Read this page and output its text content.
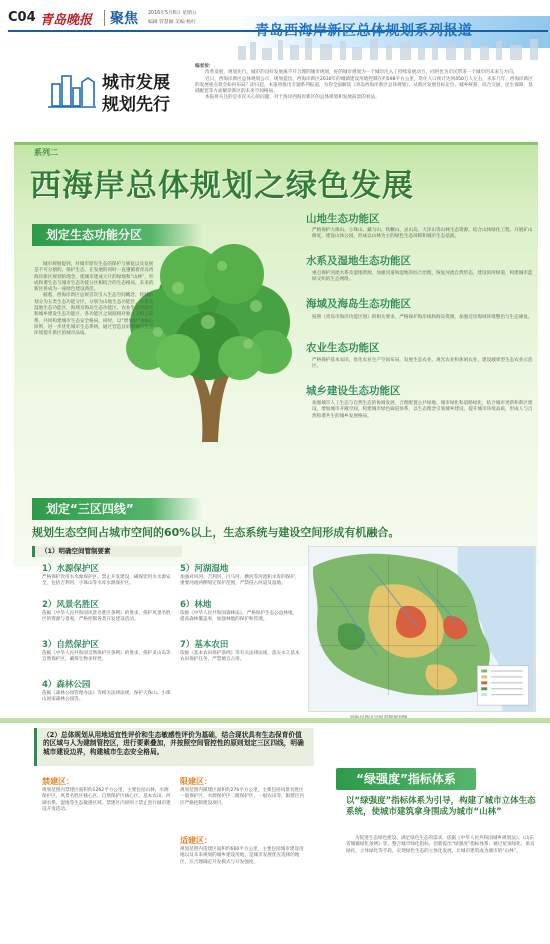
C04 青岛晚报 聚焦 2016年5月6日 星期五
编辑 管慧颖 美编 杨柠
青岛西海岸新区总体规划系列报道
城市发展
规划先行

编者按：

改革发展，规划先行。城市的良好发展离不开合理的城市规划，好的城市规划为一个城市注入了持续发展动力，同时也为市民带来一个城市的未来与方向。

近日，西海岸新区总体规划公示，规划提出，西海岸新区2030年的城镇建设用地控制在约598平方公里，常住人口预计达到450万人左右，未来几年，西海岸新区的发展重点将会如何布局？即日起，本报将推出专题系列报道，为你全面解读《青岛西海岸新区总体规划》，从新区发展目标定位、城乡统筹、综合交通、民生保障、基础配套等方面解读新区的未来空间格局。

本报将关注的是市民关心的问题，对于海岸西海岸新区的总体规划和发展前景的看法。

系列二
西海岸总体规划之绿色发展
划定生态功能分区

城市规划提到，对城市原有生态的保护与修复以及发展是不可分割的。保护生态，在发展的同时一直遵循着青岛西海岸新区规划的理念，使城市建成大片的绿地和“山林”，形成和谐生态与城市生态功能分区相结合的生态格局，未来的新区将成为一座绿色建设典范。

据悉，西海岸新区总规首次引入生态空间概念，将城市划分为五类生态功能分区，分别为山地生态功能区、水系及湿地生态功能区、海域及海岛生态功能区、农业生态功能区和城乡建设生态功能区。各功能区之间既相对独立又相互联系，共同构建城市生态安全格局。同时，以“增加绿”为核心原则，进一步优化城市生态系统，通过营造良好的城市生态环境提升新区的城市品质。

山地生态功能区
严格保护大珠山、小珠山、藏马山、铁橛山、灵山岛、大泽山等山林生态资源，结合山体绿化工程，开展矿山修复，建设山体公园，形成以山林为主的绿色生态屏障和城市生态基底。
水系及湿地生态功能区
重点保护河流水系及湿地资源，加强河道和湿地的综合治理，恢复河流自然形态，建设滨河绿道，构建城市蓝绿交织的生态网络。
海域及海岛生态功能区
按照《青岛市海洋功能区划》的相关要求，严格保护海岸线和海岛资源，加强近岸海域环境整治与生态修复。
农业生态功能区
严格保护基本农田，优化农业生产空间布局，发展生态农业、观光农业和休闲农业，建设城郊型生态农业示范区。
城乡建设生态功能区
加强城市人工生态与自然生态的协调发展，合理配置公共绿地、城市绿化和道路绿化，结合城市更新和新区建设，增加城市开敞空间，构建城市绿色廊道体系，以生态理念引领城乡建设，提升城市环境品质，形成人与自然和谐共生的城乡发展格局。
划定“三区四线”
规划生态空间占城市空间的60%以上，生态系统与建设空间形成有机融合。
（1）明确空间管制要素
1）水源保护区
严格保护饮用水水源保护区，禁止开发建设，确保饮用水水源安全，包括吉利河、小珠山等水库水源保护区。
2）风景名胜区
依据《中华人民共和国风景名胜区条例》的要求，保护风景名胜区的资源与景观，严格控制各类开发建设活动。
3）自然保护区
依据《中华人民共和国自然保护区条例》的要求，保护灵山岛等自然保护区，确保生物多样性。
4）森林公园
依据《森林公园管理办法》等相关法律法规，保护大珠山、小珠山国家森林公园等。
5）河湖湿地
加强对风河、吉利河、白马河、横河等河流和水库的保护，重要河流两侧划定保护范围，严禁侵占河道及湿地。
6）林地
依据《中华人民共和国森林法》，严格保护生态公益林地，提高森林覆盖率，加强林地的保护和管理。
7）基本农田
依据《基本农田保护条例》等有关法律法规，落实永久基本农田保护任务，严禁擅自占用。
（2）总体规划从用地适宜性评价和生态敏感性评价为基础，结合现状具有生态保育价值的区域与人为建制管控区，进行要素叠加，并按照空间管控性的原则划定三区四线，明确城市建设边界，构建城市生态安全格局。
禁建区：
规划范围内禁建区面积约1262平方公里，主要包括山林、水源保护区、风景名胜区核心区、自然保护区核心区、基本农田、河湖水系、湿地等生态敏感区域。禁建区内原则上禁止进行城市建设开发活动。
限建区：
规划范围内限建区面积约276平方公里，主要包括风景名胜区一般保护区、水源保护区二级保护区、一般农田等，限建区内应严格控制建设项目。
适建区：
规划范围内适建区面积约660平方公里，主要包括城市建设用地以及未来规划的城乡建设用地，是城市发展优先选择的地区，应合理确定开发模式与开发强度。
“绿强度”指标体系
以“绿强度”指标体系为引导，构建了城市立体生态系统，使城市建筑拿身围成为城市“山林”

为促进生态绿色建设，满足绿色生态的需求，依据《中华人民共和国城乡规划法》、《山东省城镇绿化条例》等，整合城市绿化指标，创新提出“绿强度”指标体系，通过屋顶绿化、垂直绿化、立体绿化等手段，实现绿色生态的立体化发展，让城市建筑成为城市的“山林”。
